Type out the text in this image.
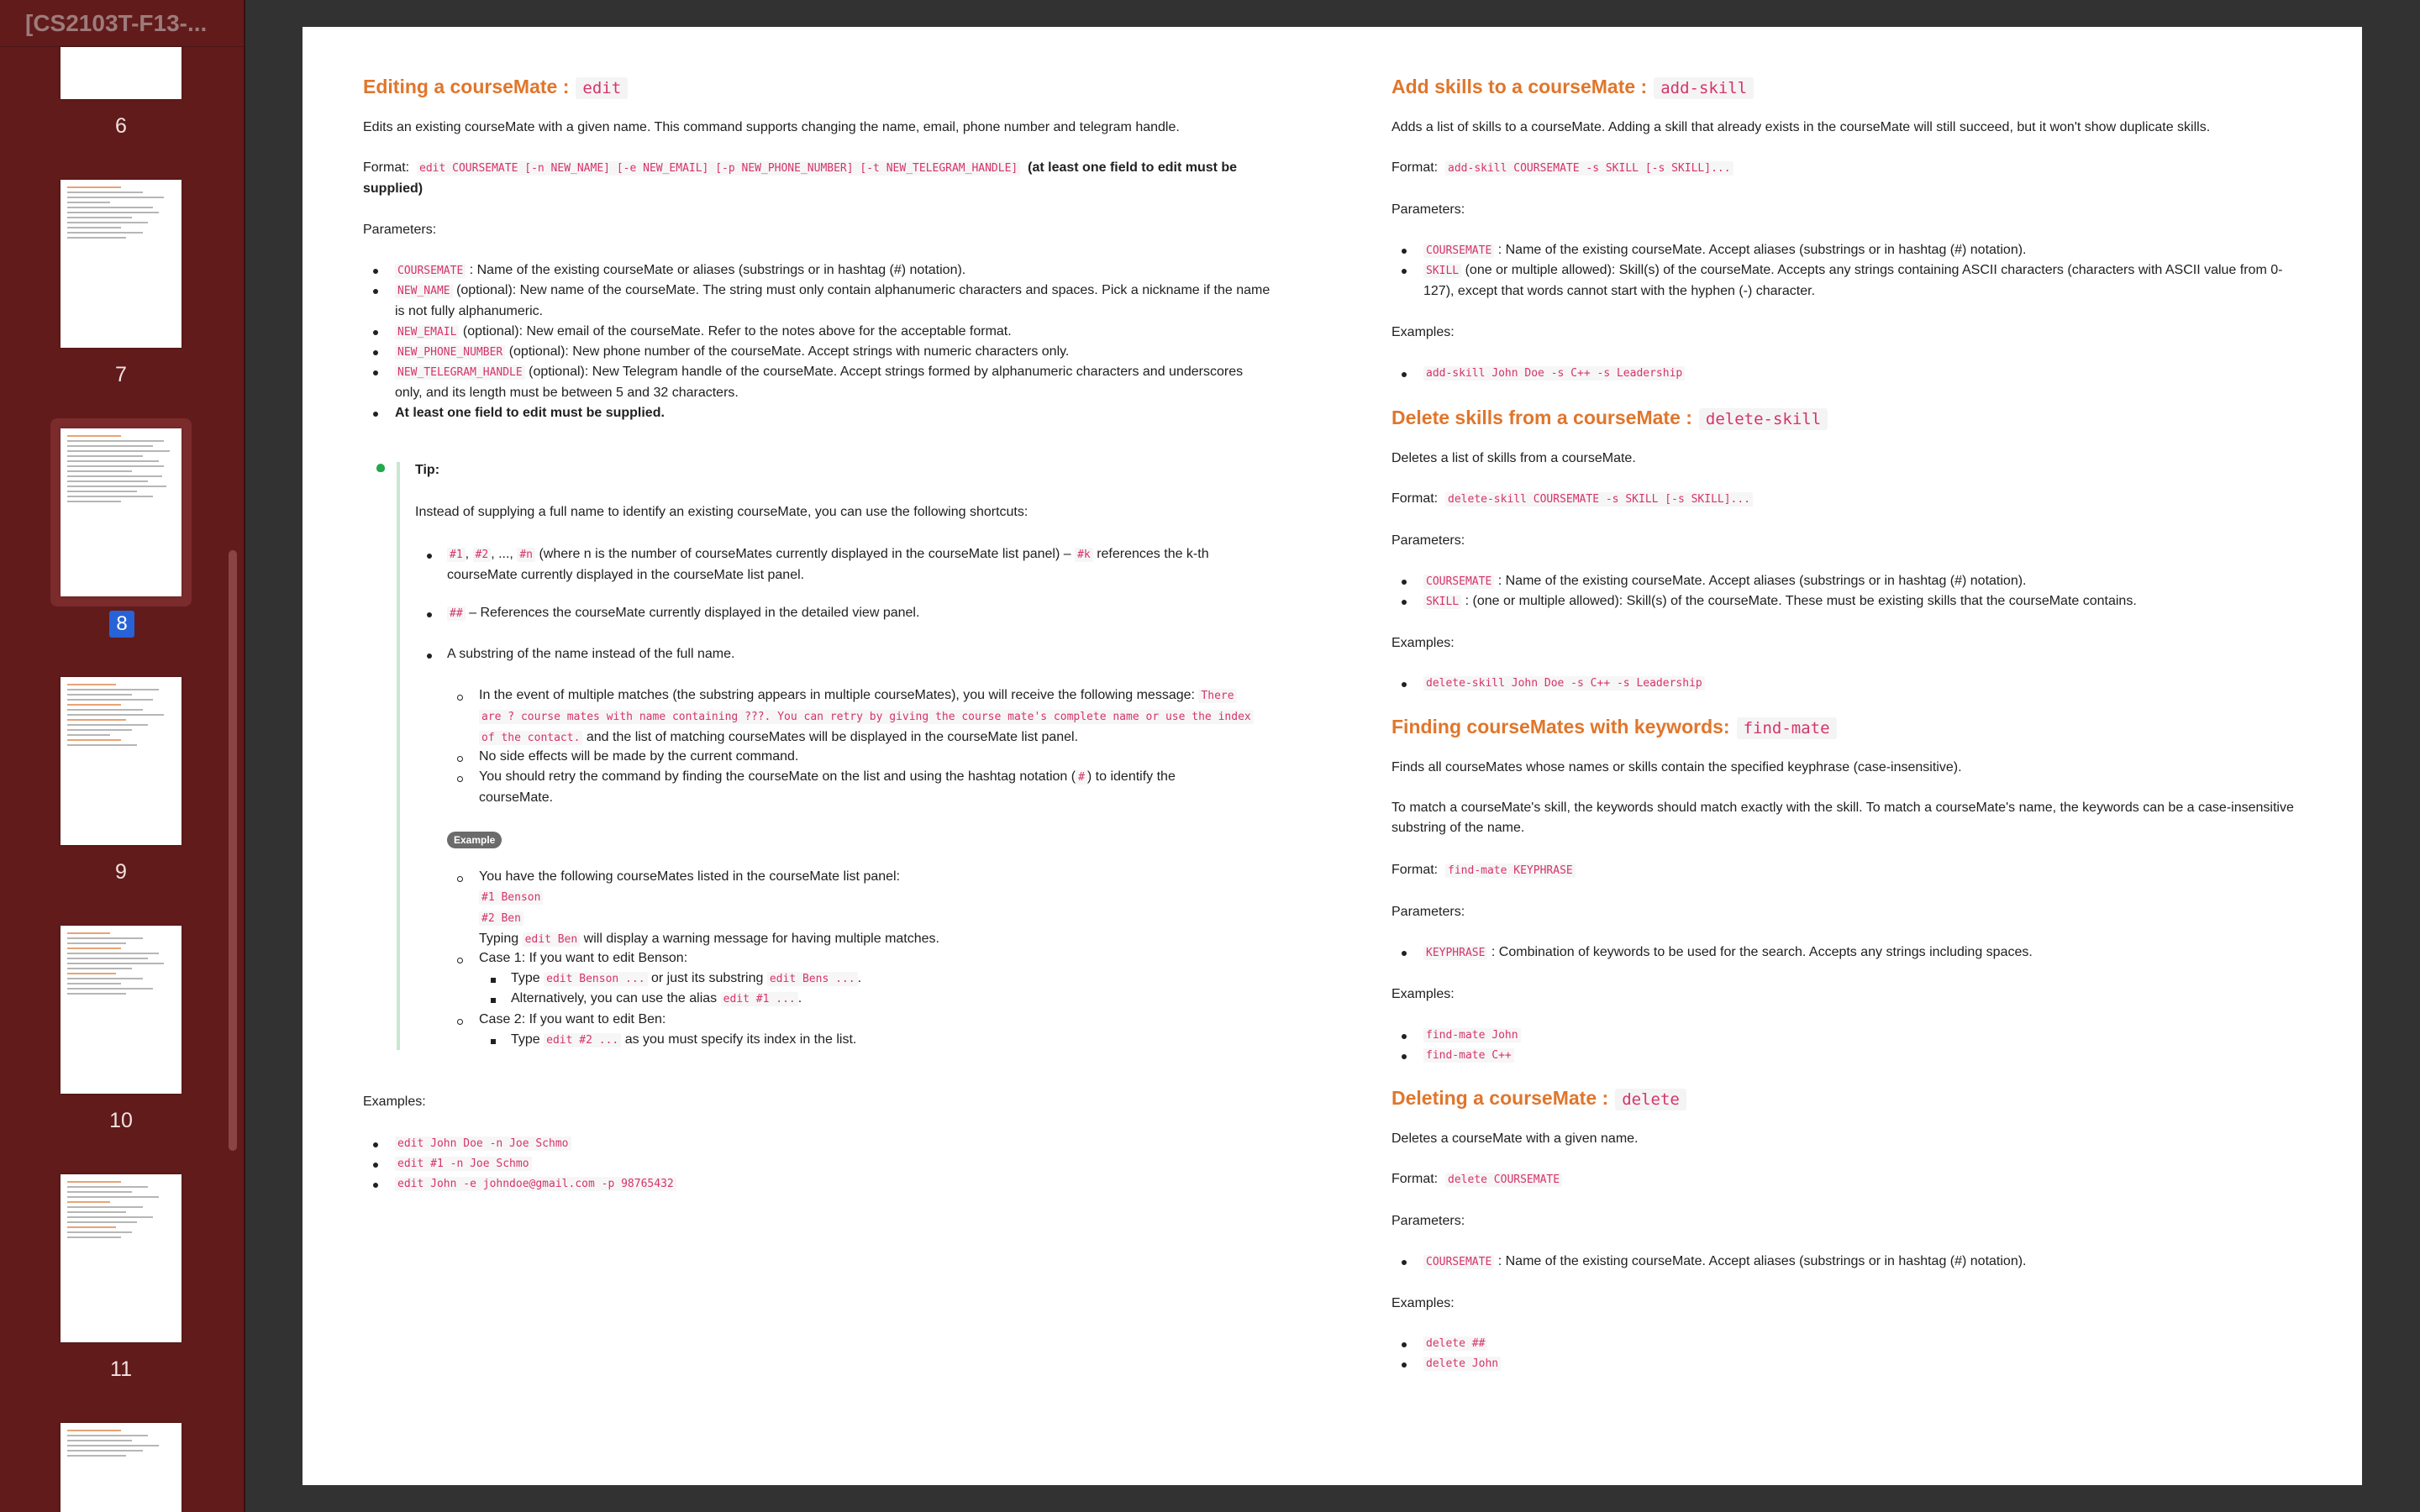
[CS2103T-F13-...
6
7
8
9
10
11
Editing a courseMate : edit
Edits an existing courseMate with a given name. This command supports changing the name, email, phone number and telegram handle.
Format: edit COURSEMATE [-n NEW_NAME] [-e NEW_EMAIL] [-p NEW_PHONE_NUMBER] [-t NEW_TELEGRAM_HANDLE] (at least one field to edit must be
supplied)
Parameters:
COURSEMATE : Name of the existing courseMate or aliases (substrings or in hashtag (#) notation).
NEW_NAME (optional): New name of the courseMate. The string must only contain alphanumeric characters and spaces. Pick a nickname if the name
is not fully alphanumeric.
NEW_EMAIL (optional): New email of the courseMate. Refer to the notes above for the acceptable format.
NEW_PHONE_NUMBER (optional): New phone number of the courseMate. Accept strings with numeric characters only.
NEW_TELEGRAM_HANDLE (optional): New Telegram handle of the courseMate. Accept strings formed by alphanumeric characters and underscores
only, and its length must be between 5 and 32 characters.
At least one field to edit must be supplied.
Tip:
Instead of supplying a full name to identify an existing courseMate, you can use the following shortcuts:
#1 , #2 , ..., #n (where n is the number of courseMates currently displayed in the courseMate list panel) – #k references the k-th
courseMate currently displayed in the courseMate list panel.
## – References the courseMate currently displayed in the detailed view panel.
A substring of the name instead of the full name.
In the event of multiple matches (the substring appears in multiple courseMates), you will receive the following message: There
are ? course mates with name containing ???. You can retry by giving the course mate's complete name or use the index
of the contact. and the list of matching courseMates will be displayed in the courseMate list panel.
No side effects will be made by the current command.
You should retry the command by finding the courseMate on the list and using the hashtag notation ( # ) to identify the
courseMate.
Example
You have the following courseMates listed in the courseMate list panel:
#1 Benson
#2 Ben
Typing edit Ben will display a warning message for having multiple matches.
Case 1: If you want to edit Benson:
Type edit Benson ... or just its substring edit Bens ... .
Alternatively, you can use the alias edit #1 ... .
Case 2: If you want to edit Ben:
Type edit #2 ... as you must specify its index in the list.
Examples:
edit John Doe -n Joe Schmo
edit #1 -n Joe Schmo
edit John -e johndoe@gmail.com -p 98765432
Add skills to a courseMate : add-skill
Adds a list of skills to a courseMate. Adding a skill that already exists in the courseMate will still succeed, but it won't show duplicate skills.
Format: add-skill COURSEMATE -s SKILL [-s SKILL]...
Parameters:
COURSEMATE : Name of the existing courseMate. Accept aliases (substrings or in hashtag (#) notation).
SKILL (one or multiple allowed): Skill(s) of the courseMate. Accepts any strings containing ASCII characters (characters with ASCII value from 0-
127), except that words cannot start with the hyphen (-) character.
Examples:
add-skill John Doe -s C++ -s Leadership
Delete skills from a courseMate : delete-skill
Deletes a list of skills from a courseMate.
Format: delete-skill COURSEMATE -s SKILL [-s SKILL]...
Parameters:
COURSEMATE : Name of the existing courseMate. Accept aliases (substrings or in hashtag (#) notation).
SKILL : (one or multiple allowed): Skill(s) of the courseMate. These must be existing skills that the courseMate contains.
Examples:
delete-skill John Doe -s C++ -s Leadership
Finding courseMates with keywords: find-mate
Finds all courseMates whose names or skills contain the specified keyphrase (case-insensitive).
To match a courseMate's skill, the keywords should match exactly with the skill. To match a courseMate's name, the keywords can be a case-insensitive
substring of the name.
Format: find-mate KEYPHRASE
Parameters:
KEYPHRASE : Combination of keywords to be used for the search. Accepts any strings including spaces.
Examples:
find-mate John
find-mate C++
Deleting a courseMate : delete
Deletes a courseMate with a given name.
Format: delete COURSEMATE
Parameters:
COURSEMATE : Name of the existing courseMate. Accept aliases (substrings or in hashtag (#) notation).
Examples:
delete ##
delete John
